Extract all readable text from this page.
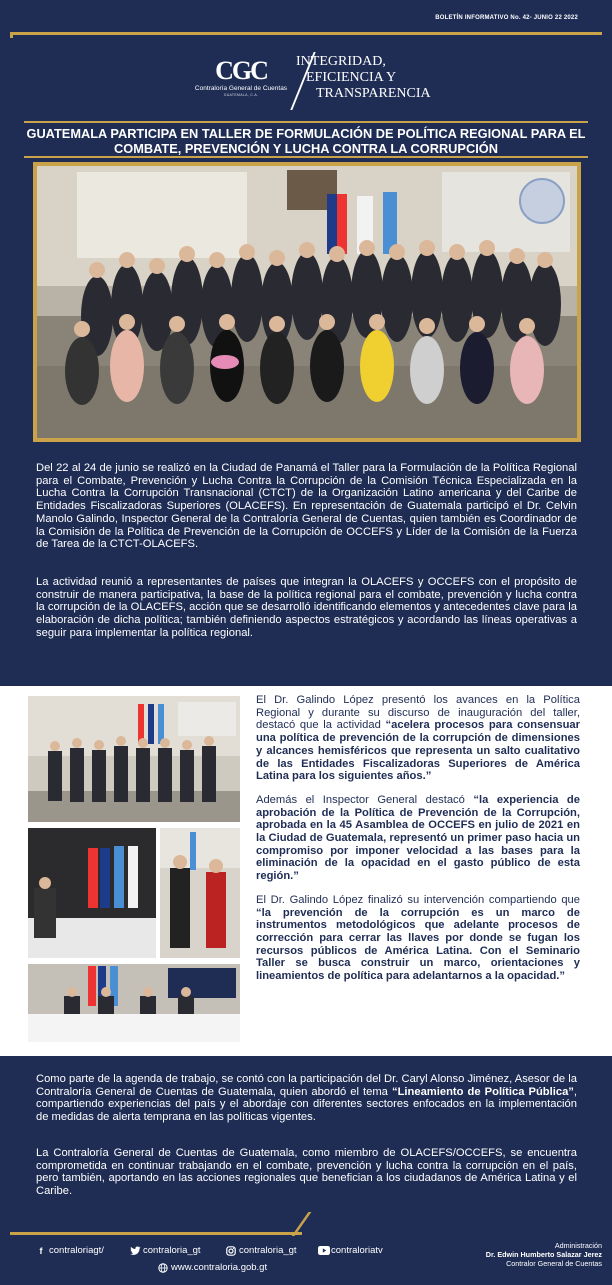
BOLETÍN INFORMATIVO No. 42- JUNIO 22 2022
CGC
Contraloría General de Cuentas
GUATEMALA, C.A.
INTEGRIDAD,
EFICIENCIA Y
TRANSPARENCIA
GUATEMALA PARTICIPA EN TALLER DE FORMULACIÓN DE POLÍTICA REGIONAL PARA EL COMBATE, PREVENCIÓN Y LUCHA CONTRA LA CORRUPCIÓN
Del 22 al 24 de junio se realizó en la Ciudad de Panamá el Taller para la Formulación de la Política Regional para el Combate, Prevención y Lucha Contra la Corrupción de la Comisión Técnica Especializada en la Lucha Contra la Corrupción Transnacional (CTCT) de la Organización Latino americana y del Caribe de Entidades Fiscalizadoras Superiores (OLACEFS). En representación de Guatemala participó el Dr. Celvin Manolo Galindo, Inspector General de la Contraloría General de Cuentas, quien también es Coordinador de la Comisión de la Política de Prevención de la Corrupción de OCCEFS y Líder de la Comisión de la Fuerza de Tarea de la CTCT-OLACEFS.
La actividad reunió a representantes de países que integran la OLACEFS y OCCEFS con el propósito de construir de manera participativa, la base de la política regional para el combate, prevención y lucha contra la corrupción de la OLACEFS, acción que se desarrolló identificando elementos y antecedentes clave para la elaboración de dicha política; también definiendo aspectos estratégicos y acordando las líneas operativas a seguir para implementar la política regional.

El Dr. Galindo López presentó los avances en la Política Regional y durante su discurso de inauguración del taller, destacó que la actividad “acelera procesos para consensuar una política de prevención de la corrupción de dimensiones y alcances hemisféricos que representa un salto cualitativo de las Entidades Fiscalizadoras Superiores de América Latina para los siguientes años.”

Además el Inspector General destacó “la experiencia de aprobación de la Política de Prevención de la Corrupción, aprobada en la 45 Asamblea de OCCEFS en julio de 2021 en la Ciudad de Guatemala, representó un primer paso hacia un compromiso por imponer velocidad a las bases para la eliminación de la opacidad en el gasto público de esta región.”

El Dr. Galindo López finalizó su intervención compartiendo que “la prevención de la corrupción es un marco de instrumentos metodológicos que adelante procesos de corrección para cerrar las llaves por donde se fugan los recursos públicos de América Latina. Con el Seminario Taller se busca construir un marco, orientaciones y lineamientos de política para adelantarnos a la opacidad.”

Como parte de la agenda de trabajo, se contó con la participación del Dr. Caryl Alonso Jiménez, Asesor de la Contraloría General de Cuentas de Guatemala, quien abordó el tema “Lineamiento de Política Pública”, compartiendo experiencias del país y el abordaje con diferentes sectores enfocados en la implementación de medidas de alerta temprana en las políticas vigentes.
La Contraloría General de Cuentas de Guatemala, como miembro de OLACEFS/OCCEFS, se encuentra comprometida en continuar trabajando en el combate, prevención y lucha contra la corrupción en el país, pero también, aportando en las acciones regionales que benefician a los ciudadanos de América Latina y el Caribe.
f contraloriagt/	contraloria_gt	contraloria_gt	contraloriatv
www.contraloria.gob.gt
Administración
Dr. Edwin Humberto Salazar Jerez
Contralor General de Cuentas
